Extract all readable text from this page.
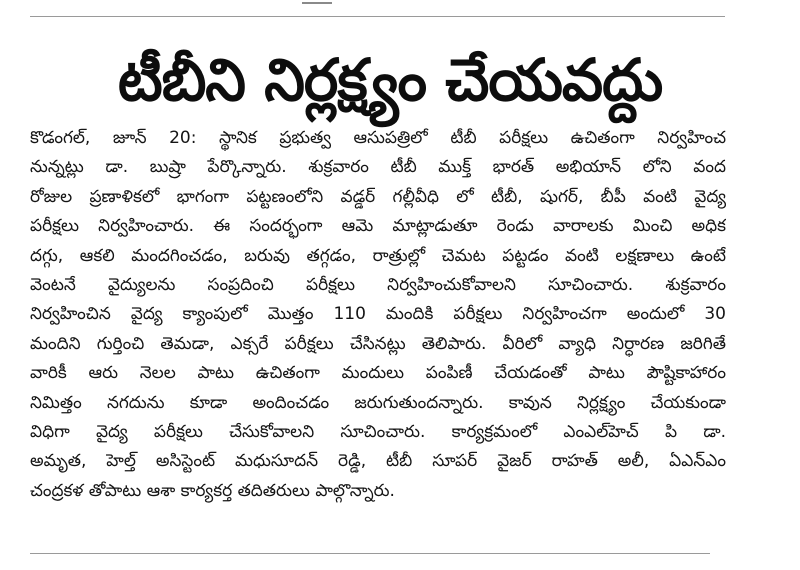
టీబీని నిర్లక్ష్యం చేయవద్దు
కొడంగల్, జూన్ 20: స్థానిక ప్రభుత్వ ఆసుపత్రిలో టీబీ పరీక్షలు ఉచితంగా నిర్వహించ
నున్నట్లు డా. బుష్రా పేర్కొన్నారు. శుక్రవారం టీబీ ముక్త్ భారత్ అభియాన్ లోని వంద
రోజుల ప్రణాళికలో భాగంగా పట్టణంలోని వడ్డర్ గల్లీవీధి లో టీబీ, షుగర్, బీపీ వంటి వైద్య
పరీక్షలు నిర్వహించారు. ఈ సందర్భంగా ఆమె మాట్లాడుతూ రెండు వారాలకు మించి అధిక
దగ్గు, ఆకలి మందగించడం, బరువు తగ్గడం, రాత్రుల్లో చెమట పట్టడం వంటి లక్షణాలు ఉంటే
వెంటనే వైద్యులను సంప్రదించి పరీక్షలు నిర్వహించుకోవాలని సూచించారు. శుక్రవారం
నిర్వహించిన వైద్య క్యాంపులో మొత్తం 110 మందికి పరీక్షలు నిర్వహించగా అందులో 30
మందిని గుర్తించి తెమడా, ఎక్సరే పరీక్షలు చేసినట్లు తెలిపారు. వీరిలో వ్యాధి నిర్ధారణ జరిగితే
వారికీ ఆరు నెలల పాటు ఉచితంగా మందులు పంపిణీ చేయడంతో పాటు పౌష్టికాహారం
నిమిత్తం నగదును కూడా అందించడం జరుగుతుందన్నారు. కావున నిర్లక్ష్యం చేయకుండా
విధిగా వైద్య పరీక్షలు చేసుకోవాలని సూచించారు. కార్యక్రమంలో ఎంఎల్‌హెచ్ పి డా.
అమృత, హెల్త్ అసిస్టెంట్ మధుసూదన్ రెడ్డి, టీబీ సూపర్ వైజర్ రాహత్ అలీ, ఏఎన్ఎం
చంద్రకళ తోపాటు ఆశా కార్యకర్త తదితరులు పాల్గొన్నారు.
